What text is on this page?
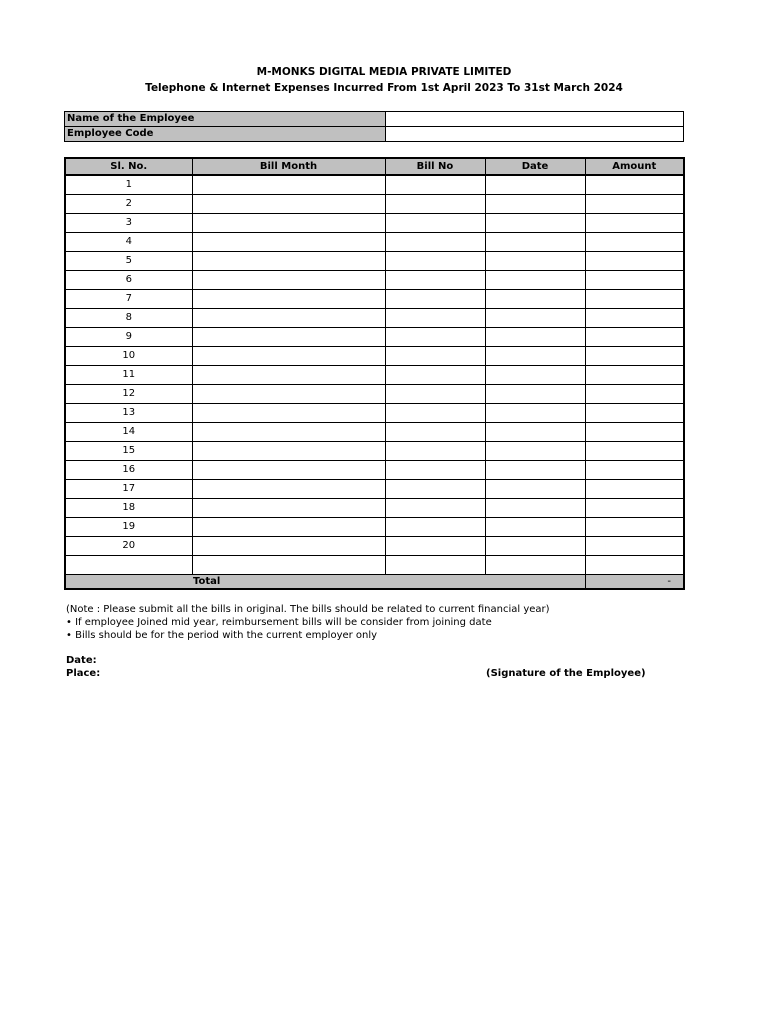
M-MONKS DIGITAL MEDIA PRIVATE LIMITED
Telephone & Internet Expenses Incurred From 1st April 2023 To 31st March 2024
Name of the Employee	
Employee Code	
Sl. No.	Bill Month	Bill No	Date	Amount
1				
2				
3				
4				
5				
6				
7				
8				
9				
10				
11				
12				
13				
14				
15				
16				
17				
18				
19				
20				

Total				-
(Note : Please submit all the bills in original. The bills should be related to current financial year)
• If employee Joined mid year, reimbursement bills will be consider from joining date
• Bills should be for the period with the current employer only
Date:
Place:	(Signature of the Employee)
